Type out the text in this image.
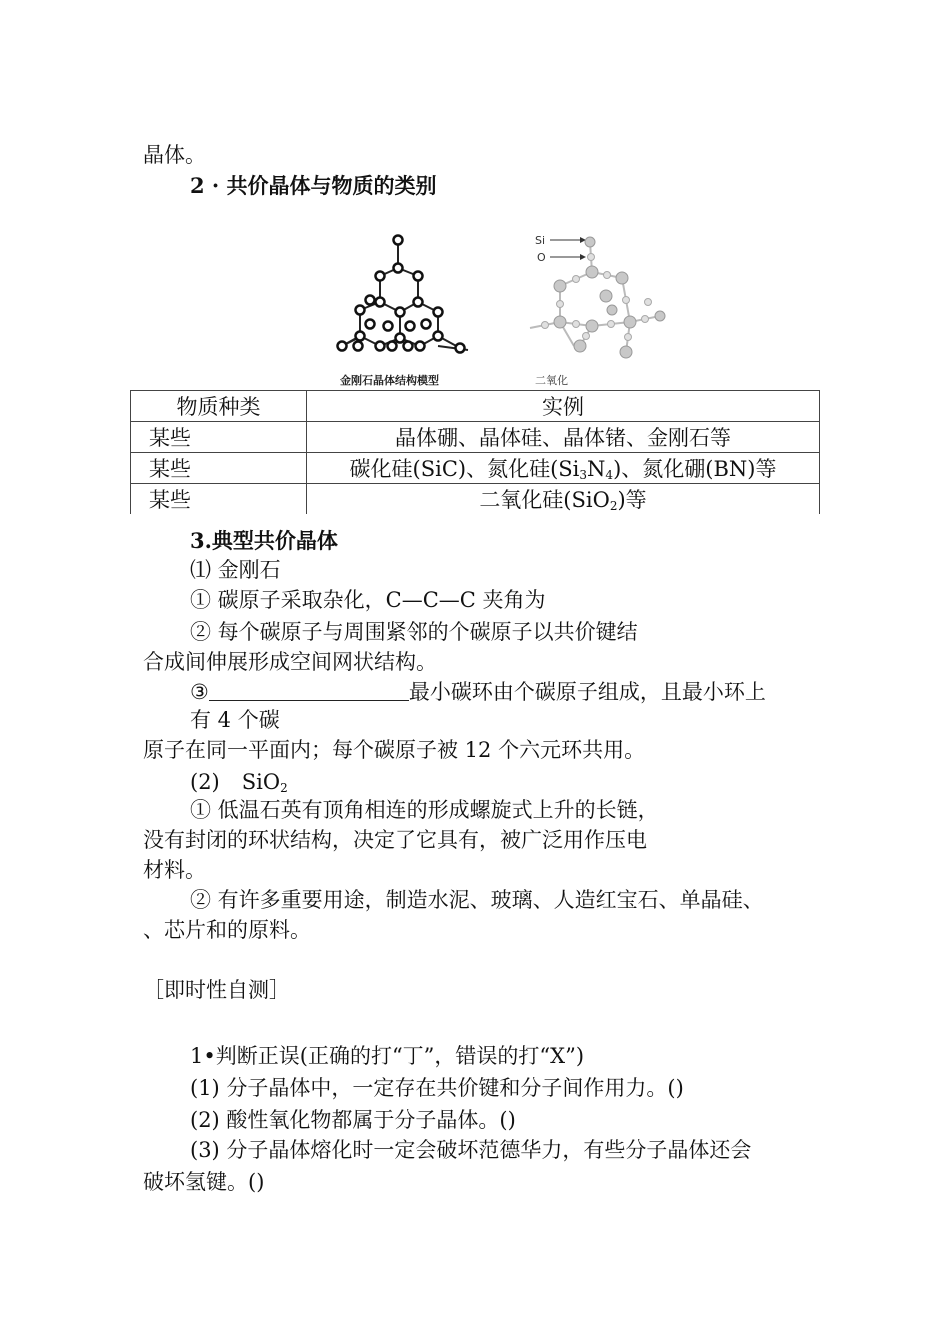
晶体。
2 · 共价晶体与物质的类别
金刚石晶体结构模型
Si
O
二氧化
物质种类	实例
某些	晶体硼、晶体硅、晶体锗、金刚石等
某些	碳化硅(SiC)、氮化硅$(Si_3N_4)$、氮化硼(BN)等
某些	二氧化硅(SiO$_2$)等
3.典型共价晶体
⑴ 金刚石
① 碳原子采取杂化，C—C—C 夹角为
② 每个碳原子与周围紧邻的个碳原子以共价键结
合成间伸展形成空间网状结构。
③	最小碳环由个碳原子组成，且最小环上
有 4 个碳
原子在同一平面内；每个碳原子被 12 个六元环共用。
(2) SiO$_2$
① 低温石英有顶角相连的形成螺旋式上升的长链，
没有封闭的环状结构，决定了它具有，被广泛用作压电
材料。
② 有许多重要用途，制造水泥、玻璃、人造红宝石、单晶硅、
、芯片和的原料。
［即时性自测］
1•判断正误(正确的打“丁”，错误的打“X”)
(1) 分子晶体中，一定存在共价键和分子间作用力。()
(2) 酸性氧化物都属于分子晶体。()
(3) 分子晶体熔化时一定会破坏范德华力，有些分子晶体还会
破坏氢键。()
